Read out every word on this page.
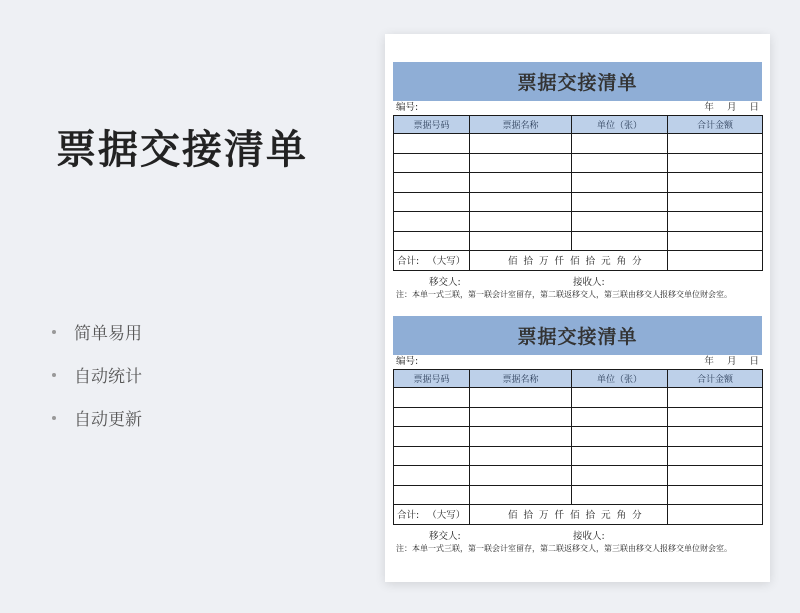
票据交接清单
简单易用
自动统计
自动更新
票据交接清单
编号:	年 月 日
票据号码	票据名称	单位（张）	合计金额

合计: （大写）	佰 拾 万 仟 佰 拾 元 角 分		
移交人:	接收人:
注：本单一式三联，第一联会计室留存，第二联返移交人，第三联由移交人报移交单位财会室。
票据交接清单
编号:	年 月 日
票据号码	票据名称	单位（张）	合计金额

合计: （大写）	佰 拾 万 仟 佰 拾 元 角 分		
移交人:	接收人:
注：本单一式三联，第一联会计室留存，第二联返移交人，第三联由移交人报移交单位财会室。
